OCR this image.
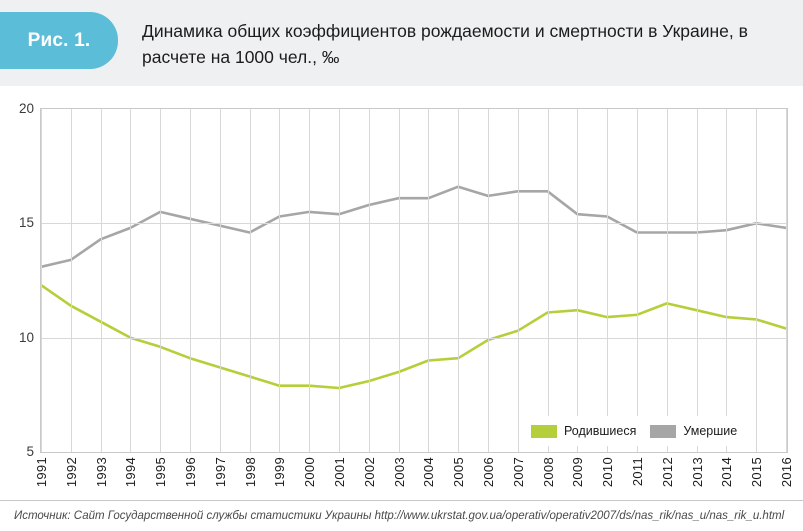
Рис. 1.	Динамика общих коэффициентов рождаемости и смертности в Украине, в расчете на 1000 чел., ‰
5
10
15
20
1991 1992 1993 1994 1995 1996 1997 1998 1999 2000 2001 2002 2003 2004 2005 2006 2007 2008 2009 2010 2011 2012 2013 2014 2015 2016
Родившиеся	Умершие
Источник: Сайт Государственной службы статистики Украины http://www.ukrstat.gov.ua/operativ/operativ2007/ds/nas_rik/nas_u/nas_rik_u.html
